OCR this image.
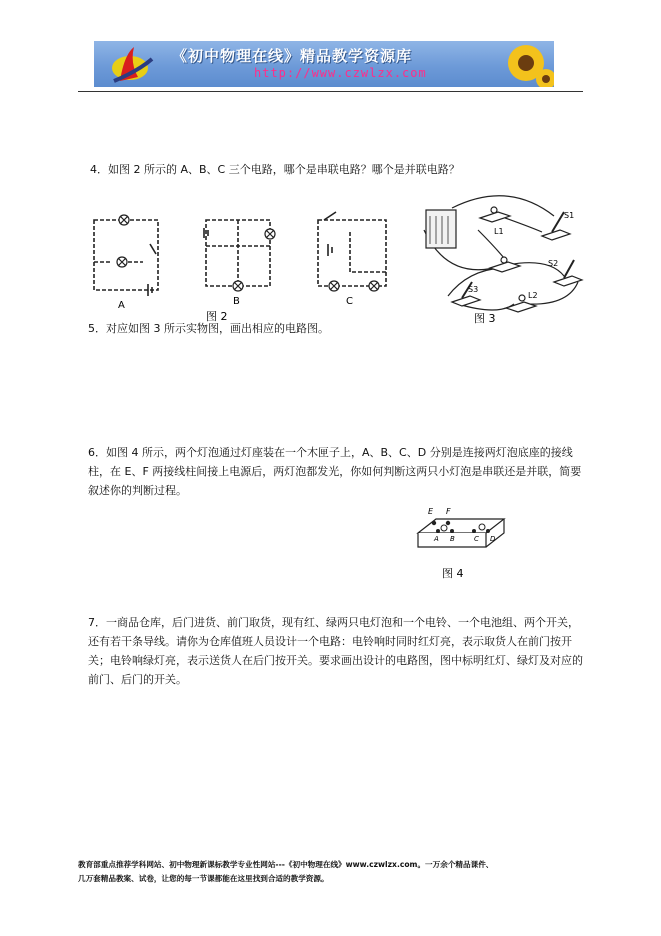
《初中物理在线》精品教学资源库
http://www.czwlzx.com
4．如图 2 所示的 A、B、C 三个电路，哪个是串联电路？哪个是并联电路？
A	B	C
图 2
S1
L1
S2
L2
S3
图 3
5．对应如图 3 所示实物图，画出相应的电路图。
6．如图 4 所示，两个灯泡通过灯座装在一个木匣子上，A、B、C、D 分别是连接两灯泡底座的接线柱，在 E、F 两接线柱间接上电源后，两灯泡都发光，你如何判断这两只小灯泡是串联还是并联，简要叙述你的判断过程。
E F
A B	C D
图 4
7．一商品仓库，后门进货、前门取货，现有红、绿两只电灯泡和一个电铃、一个电池组、两个开关，还有若干条导线。请你为仓库值班人员设计一个电路：电铃响时同时红灯亮，表示取货人在前门按开关；电铃响绿灯亮，表示送货人在后门按开关。要求画出设计的电路图，图中标明红灯、绿灯及对应的前门、后门的开关。
教育部重点推荐学科网站、初中物理新课标教学专业性网站---《初中物理在线》www.czwlzx.com。一万余个精品课件、
几万套精品教案、试卷，让您的每一节课都能在这里找到合适的教学资源。
